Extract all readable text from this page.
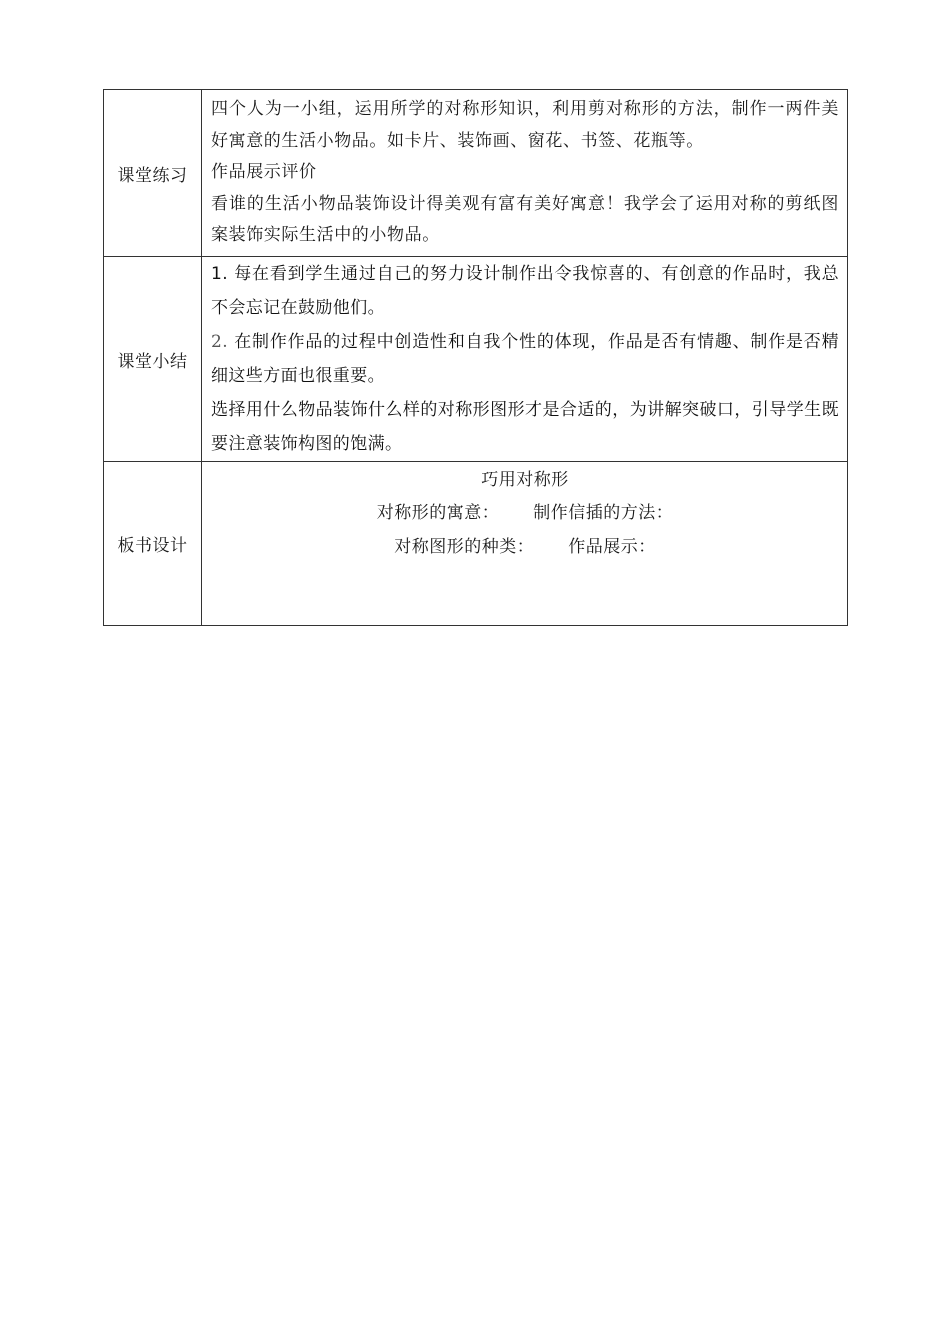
课堂练习	四个人为一小组，运用所学的对称形知识，利用剪对称形的方法，制作一两件美好寓意的生活小物品。如卡片、装饰画、窗花、书签、花瓶等。
作品展示评价
看谁的生活小物品装饰设计得美观有富有美好寓意！我学会了运用对称的剪纸图案装饰实际生活中的小物品。

课堂小结	1. 每在看到学生通过自己的努力设计制作出令我惊喜的、有创意的作品时，我总不会忘记在鼓励他们。
2. 在制作作品的过程中创造性和自我个性的体现，作品是否有情趣、制作是否精细这些方面也很重要。
选择用什么物品装饰什么样的对称形图形才是合适的，为讲解突破口，引导学生既要注意装饰构图的饱满。

板书设计	巧用对称形
对称形的寓意： 制作信插的方法：
对称图形的种类： 作品展示：
